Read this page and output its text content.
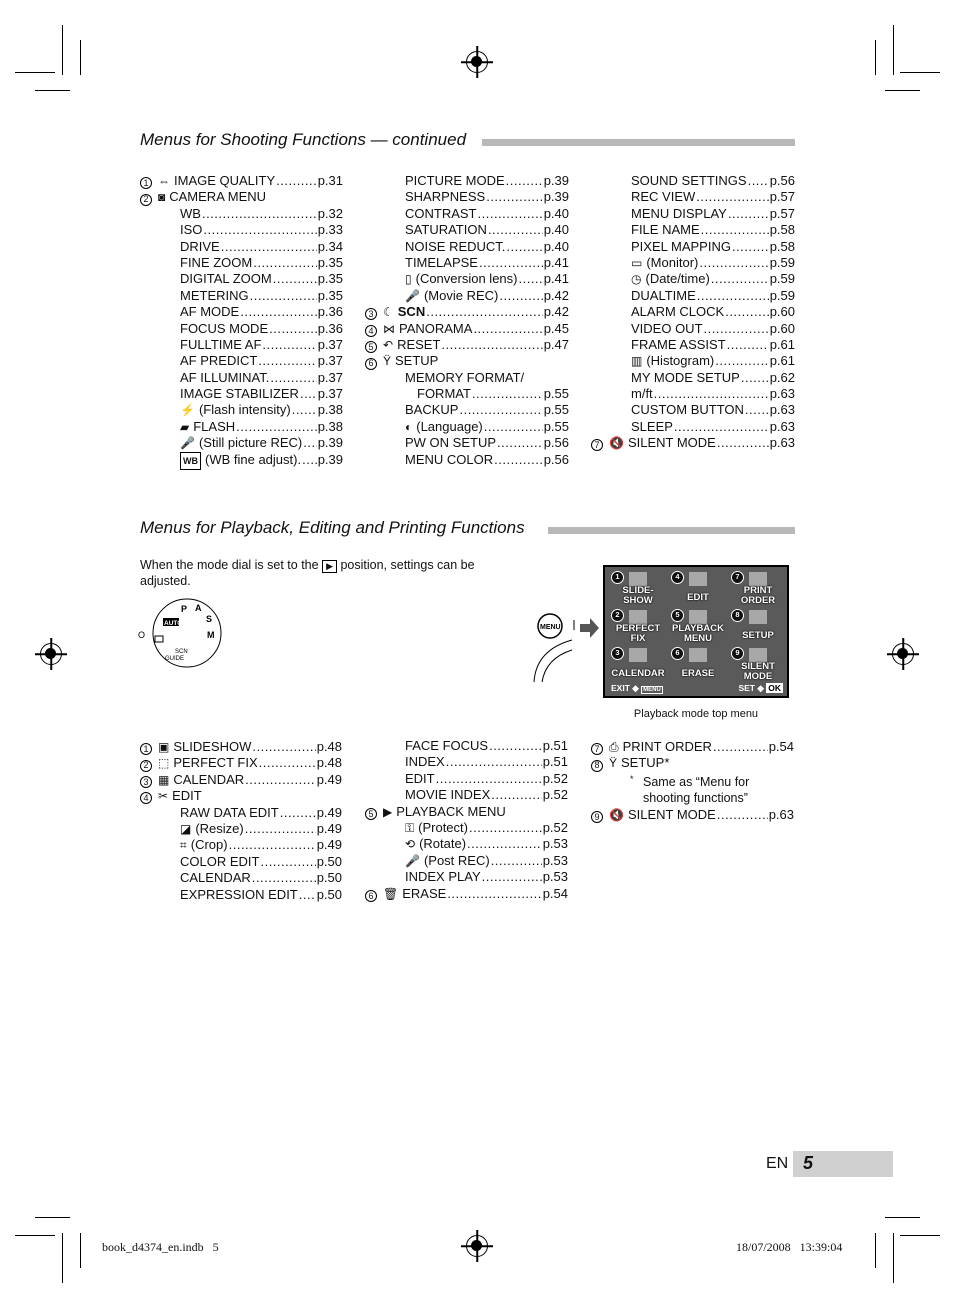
Menus for Shooting Functions — continued
1 ⇔ IMAGE QUALITY .....	p.31
2 ◙ CAMERA MENU
WB .....	p.32
ISO .....	p.33
DRIVE .....	p.34
FINE ZOOM .....	p.35
DIGITAL ZOOM .....	p.35
METERING .....	p.35
AF MODE .....	p.36
FOCUS MODE .....	p.36
FULLTIME AF .....	p.37
AF PREDICT .....	p.37
AF ILLUMINAT. .....	p.37
IMAGE STABILIZER ..... p.37
⚡ (Flash intensity) ..... p.38
▰ FLASH .....	p.38
🎤 (Still picture REC) ..... p.39
WB (WB fine adjust). ..... p.39
PICTURE MODE .....	p.39
SHARPNESS .....	p.39
CONTRAST .....	p.40
SATURATION .....	p.40
NOISE REDUCT. .....	p.40
TIMELAPSE .....	p.41
▯ (Conversion lens) ..... p.41
🎤 (Movie REC) .....	p.42
3 ☾ SCN .....	p.42
4 ⋈ PANORAMA .....	p.45
5 ↶ RESET .....	p.47
6 Ϋ SETUP
MEMORY FORMAT/
FORMAT .....	p.55
BACKUP .....	p.55
◐ (Language) .....	p.55
PW ON SETUP .....	p.56
MENU COLOR .....	p.56
SOUND SETTINGS ..... p.56
REC VIEW .....	p.57
MENU DISPLAY .....	p.57
FILE NAME .....	p.58
PIXEL MAPPING .....	p.58
▭ (Monitor) .....	p.59
◷ (Date/time) .....	p.59
DUALTIME .....	p.59
ALARM CLOCK .....	p.60
VIDEO OUT .....	p.60
FRAME ASSIST .....	p.61
▥ (Histogram) .....	p.61
MY MODE SETUP ..... p.62
m/ft .....	p.63
CUSTOM BUTTON ..... p.63
SLEEP .....	p.63
7 🔇 SILENT MODE .....	p.63
Menus for Playback, Editing and Printing Functions
When the mode dial is set to the ▶ position, settings can be adjusted.
P A
S
M
AUTO
SCN
GUIDE
O
MENU
1
SLIDE-
SHOW
4
EDIT
7
PRINT
ORDER
2
PERFECT
FIX
5
PLAYBACK
MENU
8
SETUP
3
CALENDAR
6
ERASE
9
SILENT
MODE
EXIT ◆ MENU	SET ◆ OK
Playback mode top menu
1 ▣ SLIDESHOW .....	p.48
2 ⬚ PERFECT FIX .....	p.48
3 ▦ CALENDAR .....	p.49
4 ✂ EDIT
RAW DATA EDIT .....	p.49
◪ (Resize) .....	p.49
⌗ (Crop) .....	p.49
COLOR EDIT .....	p.50
CALENDAR .....	p.50
EXPRESSION EDIT ..... p.50
FACE FOCUS .....	p.51
INDEX .....	p.51
EDIT .....	p.52
MOVIE INDEX .....	p.52
5 ▶ PLAYBACK MENU
⚿ (Protect) .....	p.52
⟲ (Rotate) .....	p.53
🎤 (Post REC) .....	p.53
INDEX PLAY .....	p.53
6 🗑 ERASE .....	p.54
7 ⎙ PRINT ORDER .....	p.54
8 Ϋ SETUP*
* Same as “Menu for shooting functions”
9 🔇 SILENT MODE .....	p.63
EN 5
book_d4374_en.indb   5	18/07/2008   13:39:04
